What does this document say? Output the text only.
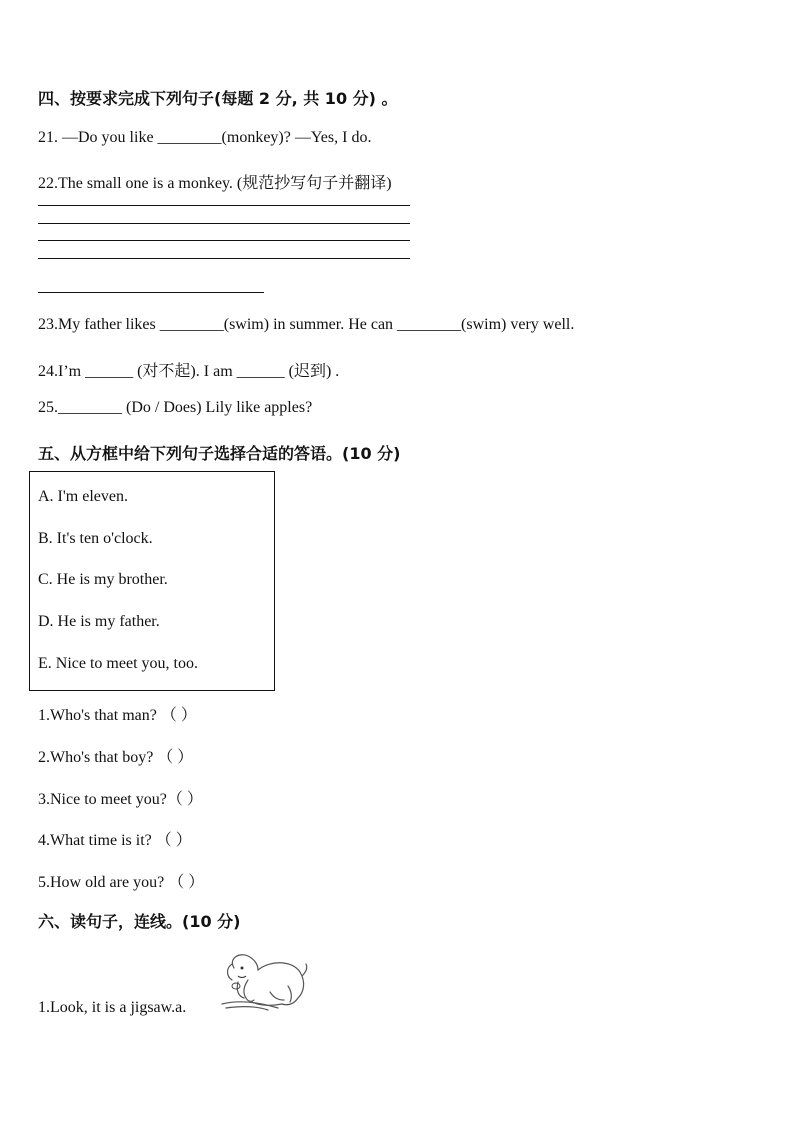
四、按要求完成下列句子(每题 2 分, 共 10 分) 。
21. —Do you like ________(monkey)? —Yes, I do.
22.The small one is a monkey. (规范抄写句子并翻译)
23.My father likes ________(swim) in summer. He can ________(swim) very well.
24.I’m ______ (对不起). I am ______ (迟到) .
25.________ (Do / Does) Lily like apples?
五、从方框中给下列句子选择合适的答语。(10 分)
A. I'm eleven.
B. It's ten o'clock.
C. He is my brother.
D. He is my father.
E. Nice to meet you, too.
1.Who's that man? （ ）
2.Who's that boy? （ ）
3.Nice to meet you?（ ）
4.What time is it? （ ）
5.How old are you? （ ）
六、读句子，连线。(10 分)
1.Look, it is a jigsaw.a.
